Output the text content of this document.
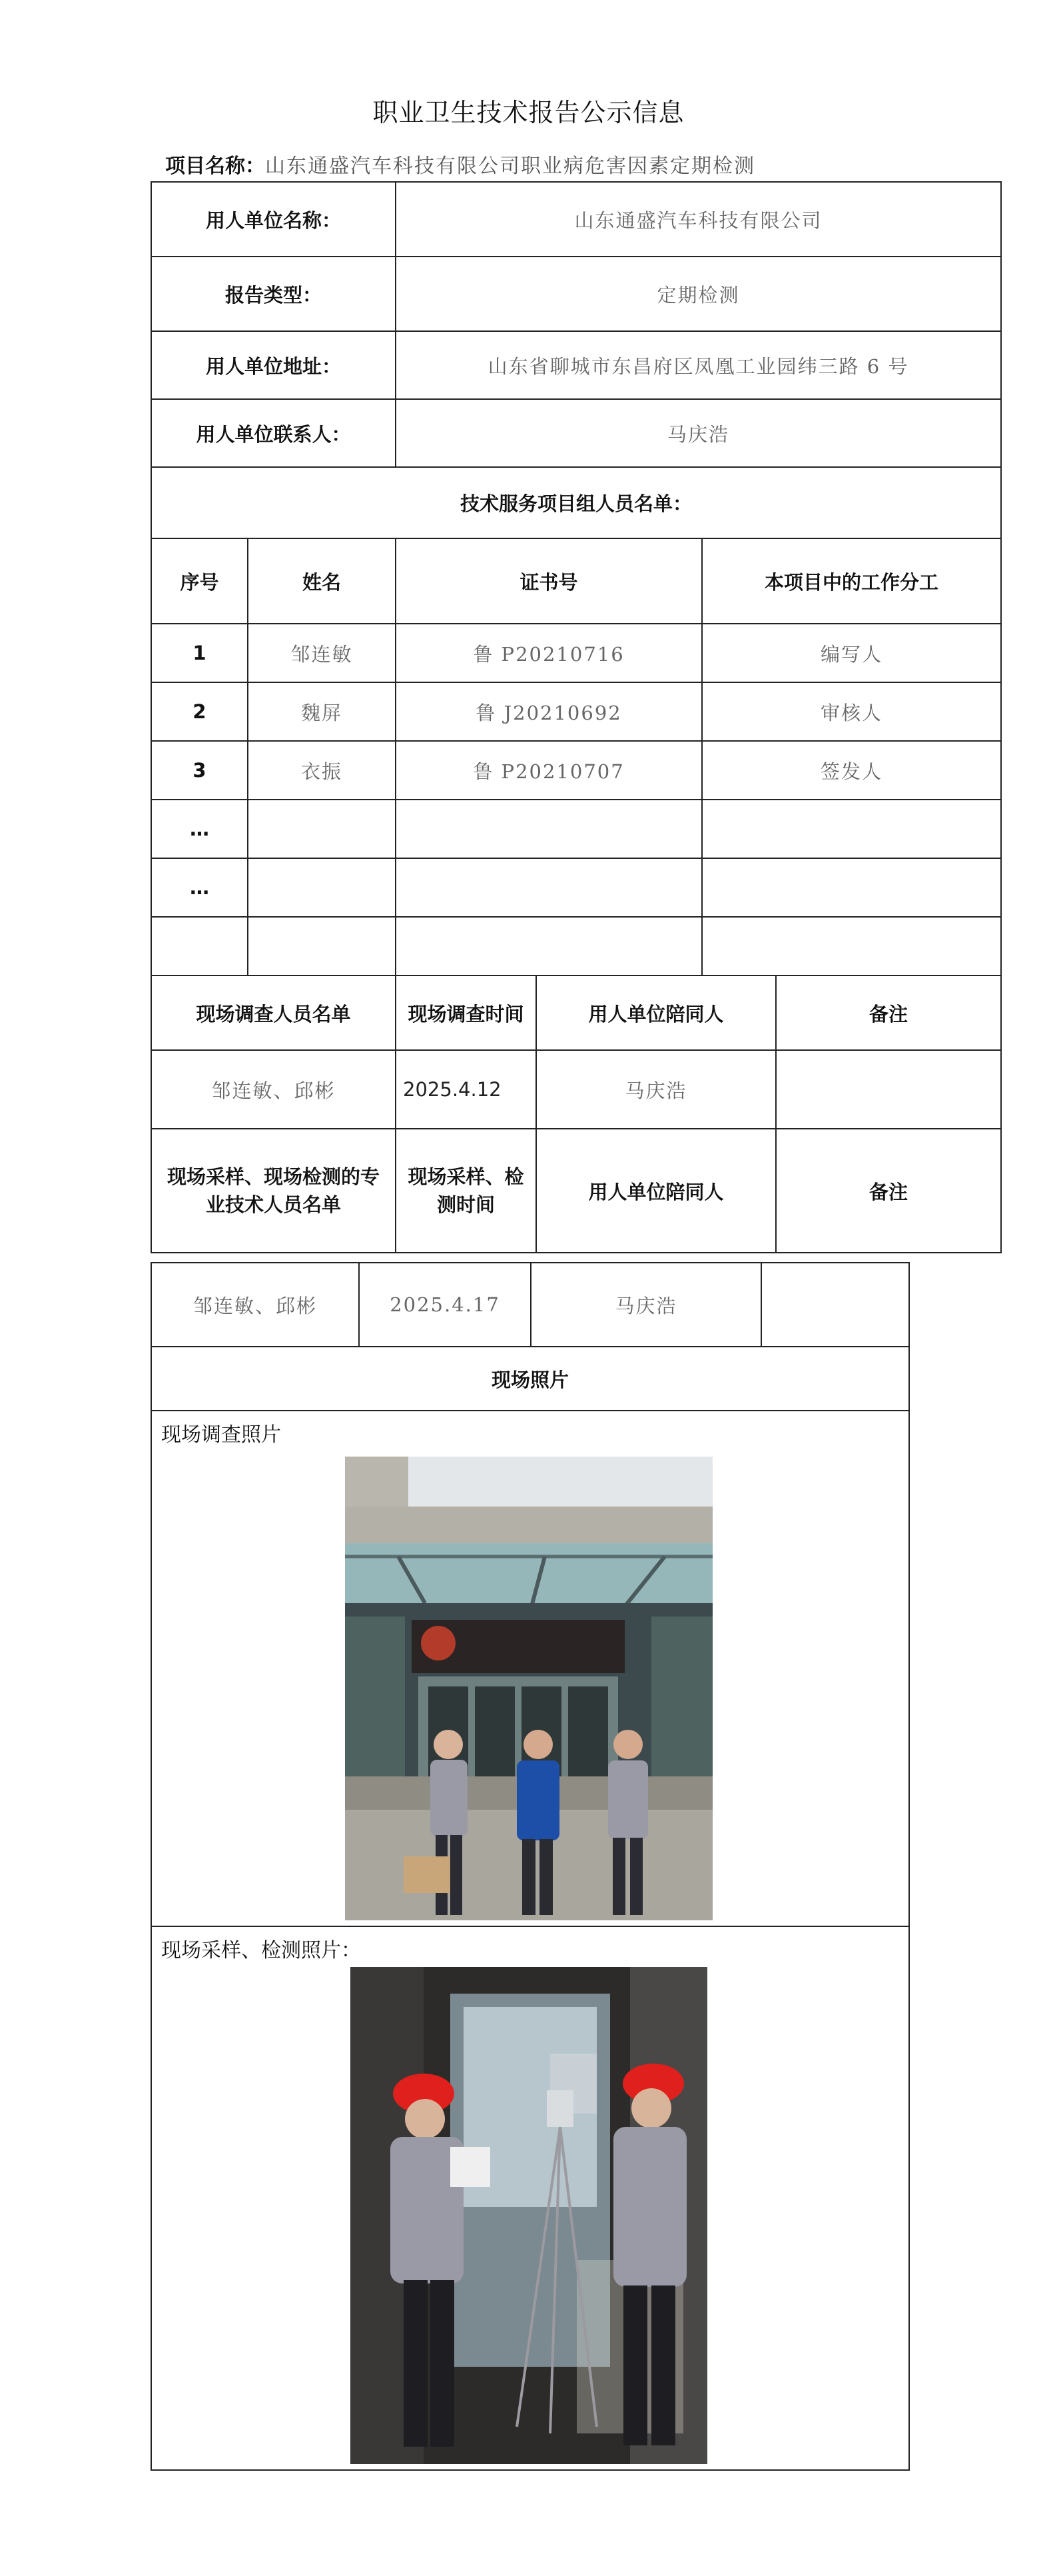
职业卫生技术报告公示信息
项目名称：山东通盛汽车科技有限公司职业病危害因素定期检测
用人单位名称：		山东通盛汽车科技有限公司			
报告类型：		定期检测			
用人单位地址：		山东省聊城市东昌府区凤凰工业园纬三路 6 号			
用人单位联系人：		马庆浩			
技术服务项目组人员名单：					
序号	姓名	证书号		本项目中的工作分工	
1	邹连敏	鲁 P20210716		编写人	
2	魏屏	鲁 J20210692		审核人	
3	衣振	鲁 P20210707		签发人	
…					
…					

现场调查人员名单		现场调查时间	用人单位陪同人		备注
邹连敏、邱彬		2025.4.12	马庆浩		
现场采样、现场检测的专业技术人员名单		现场采样、检测时间	用人单位陪同人		备注
邹连敏、邱彬	2025.4.17	马庆浩	
现场照片

现场调查照片
现场采样、检测照片：
